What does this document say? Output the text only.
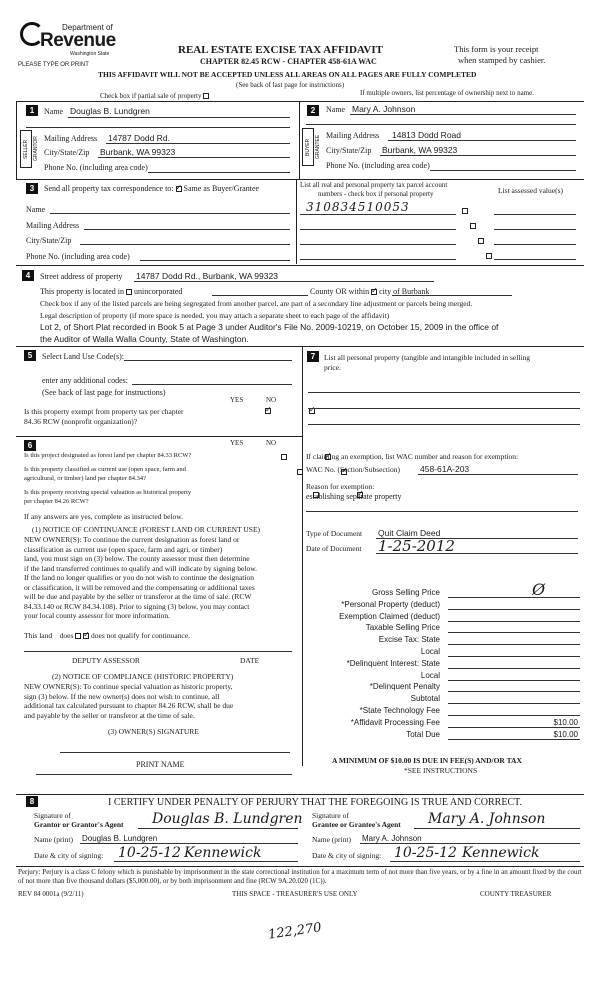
Department of
Revenue
Washington State
PLEASE TYPE OR PRINT
REAL ESTATE EXCISE TAX AFFIDAVIT
CHAPTER 82.45 RCW - CHAPTER 458-61A WAC
This form is your receipt
when stamped by cashier.
THIS AFFIDAVIT WILL NOT BE ACCEPTED UNLESS ALL AREAS ON ALL PAGES ARE FULLY COMPLETED
(See back of last page for instructions)
Check box if partial sale of property	If multiple owners, list percentage of ownership next to name.
1	Name Douglas B. Lundgren
SELLER GRANTOR Mailing Address 14787 Dodd Rd.
City/State/Zip Burbank, WA 99323
Phone No. (including area code)
2	Name Mary A. Johnson
BUYER GRANTEE Mailing Address 14813 Dodd Road
City/State/Zip Burbank, WA 99323
Phone No. (including area code)
3	Send all property tax correspondence to: ✓ Same as Buyer/Grantee	List all real and personal property tax parcel account
numbers - check box if personal property	List assessed value(s)
Name
Mailing Address
City/State/Zip
Phone No. (including area code)
310834510053

4	Street address of property 14787 Dodd Rd., Burbank, WA 99323
This property is located in unincorporated	County OR within ✓ city of Burbank
Check box if any of the listed parcels are being segregated from another parcel, are part of a secondary line adjustment or parcels being merged.
Legal description of property (if more space is needed, you may attach a separate sheet to each page of the affidavit)
Lot 2, of Short Plat recorded in Book 5 at Page 3 under Auditor's File No. 2009-10219, on October 15, 2009 in the office of
the Auditor of Walla Walla County, State of Washington.
5	Select Land Use Code(s):
enter any additional codes:
(See back of last page for instructions)
YES	NO
Is this property exempt from property tax per chapter
84.36 RCW (nonprofit organization)?
✓ ✓
6	YES	NO
Is this project designated as forest land per chapter 84.33 RCW?
✓
Is this property classified as current use (open space, farm and
agricultural, or timber) land per chapter 84.34?
✓
Is this property receiving special valuation as historical property
per chapter 84.26 RCW?
✓
If any answers are yes, complete as instructed below.
(1) NOTICE OF CONTINUANCE (FOREST LAND OR CURRENT USE)
NEW OWNER(S): To continue the current designation as forest land or
classification as current use (open space, farm and agri, or timber)
land, you must sign on (3) below. The county assessor must then determine
if the land transferred continues to qualify and will indicate by signing below.
If the land no longer qualifies or you do not wish to continue the designation
or classification, it will be removed and the compensating or additional taxes
will be due and payable by the seller or transferor at the time of sale. (RCW
84.33.140 or RCW 84.34.108). Prior to signing (3) below, you may contact
your local county assessor for more information.
This land does ✓ does not qualify for continuance.
DEPUTY ASSESSOR	DATE
(2) NOTICE OF COMPLIANCE (HISTORIC PROPERTY)
NEW OWNER(S): To continue special valuation as historic property,
sign (3) below. If the new owner(s) does not wish to continue, all
additional tax calculated pursuant to chapter 84.26 RCW, shall be due
and payable by the seller or transferor at the time of sale.
(3) OWNER(S) SIGNATURE
PRINT NAME
7	List all personal property (tangible and intangible included in selling
price.
If claiming an exemption, list WAC number and reason for exemption:
WAC No. (Section/Subsection) 458-61A-203
Reason for exemption:
establishing separate property
Type of Document Quit Claim Deed
Date of Document 1-25-2012
Gross Selling Price	Ø
*Personal Property (deduct)
Exemption Claimed (deduct)
Taxable Selling Price
Excise Tax: State
Local
*Delinquent Interest: State
Local
*Delinquent Penalty
Subtotal
*State Technology Fee
*Affidavit Processing Fee	$10.00
Total Due	$10.00
A MINIMUM OF $10.00 IS DUE IN FEE(S) AND/OR TAX
*SEE INSTRUCTIONS
8	I CERTIFY UNDER PENALTY OF PERJURY THAT THE FOREGOING IS TRUE AND CORRECT.
Signature of
Grantor or Grantor's Agent Douglas B. Lundgren
Name (print) Douglas B. Lundgren
Date & city of signing: 10-25-12 Kennewick
Signature of
Grantee or Grantee's Agent Mary A. Johnson
Name (print) Mary A. Johnson
Date & city of signing: 10-25-12 Kennewick
Perjury: Perjury is a class C felony which is punishable by imprisonment in the state correctional institution for a maximum term of not more than five years, or by a fine in an amount fixed by the court of not more than five thousand dollars ($5,000.00), or by both imprisonment and fine (RCW 9A.20.020 (1C)).
REV 84 0001a (9/2/11)	THIS SPACE - TREASURER'S USE ONLY	COUNTY TREASURER
122,270
